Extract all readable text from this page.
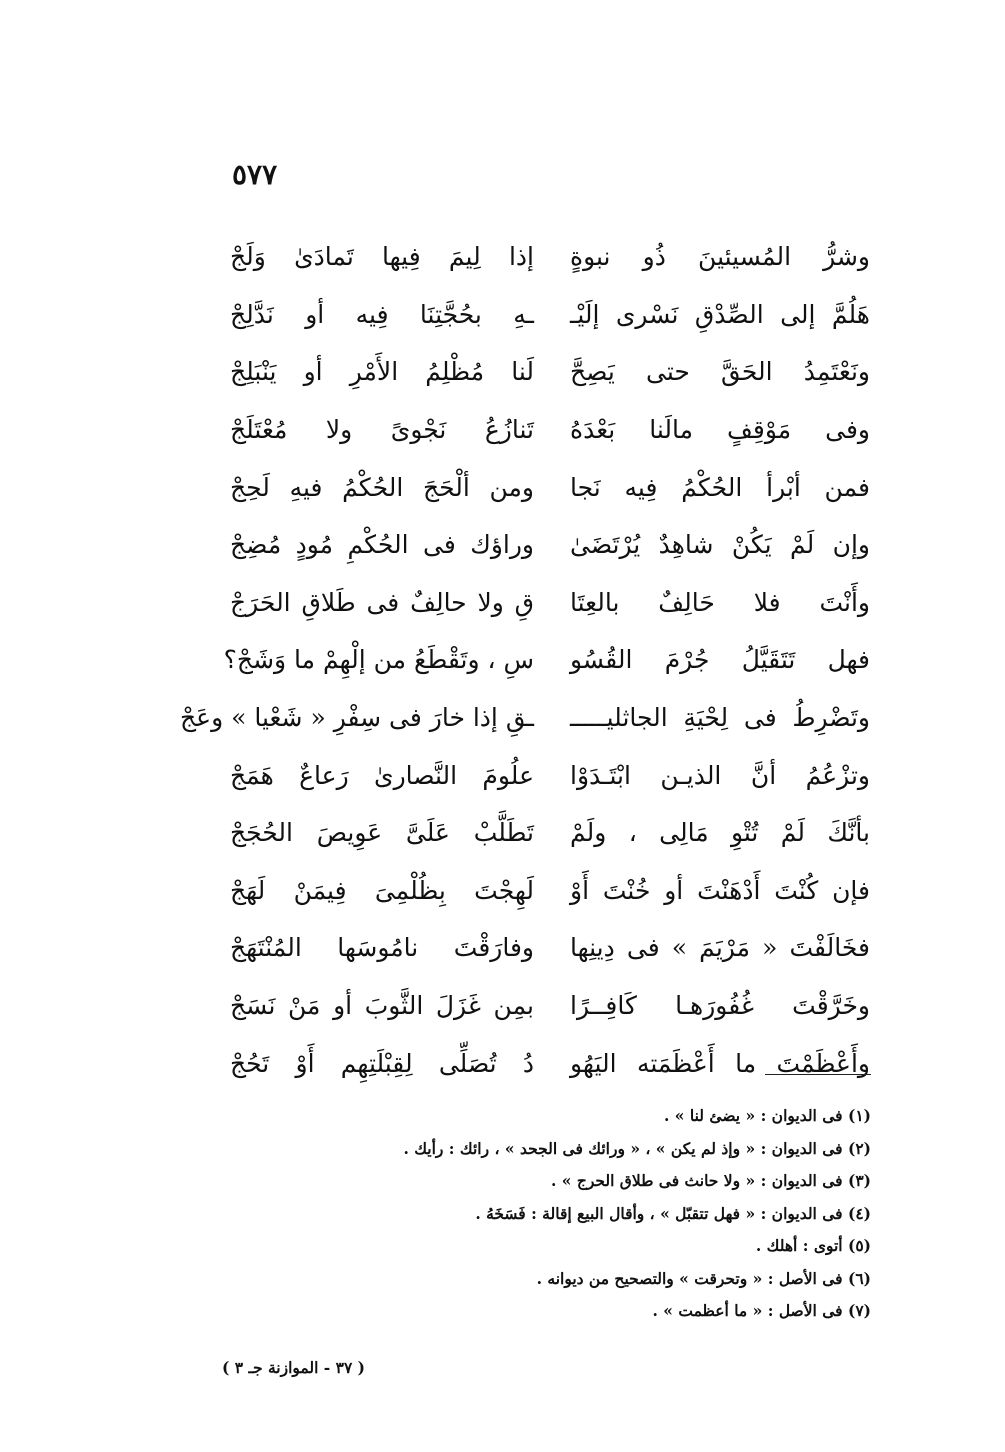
٥٧٧
وشرُّ المُسيئينَ ذُو نبوةٍ
إذا لِيمَ فِيها تَمادَىٰ وَلَجْ
هَلُمَّ إلى الصِّدْقِ نَسْرى إلَيْـ
ـهِ بحُجَّتِنَا فِيه أو نَدَّلِجْ
ونَعْتَمِدُ الحَقَّ حتى يَصِحَّ
لَنا مُظْلِمُ الأَمْرِ أو يَنْبَلِجْ
وفى مَوْقِفٍ مالَنا بَعْدَهُ
تَنازُعُ نَجْوىً ولا مُعْتَلَجْ
فمن أبْرأ الحُكْمُ فِيه نَجا
ومن ألْحَجَ الحُكْمُ فيهِ لَحِجْ
وإن لَمْ يَكُنْ شاهِدٌ يُرْتَضَىٰ
وراؤك فى الحُكْمِ مُودٍ مُضِجْ
وأَنْتَ فلا حَالِفٌ بالعِتَا
قِ ولا حالِفٌ فى طَلاقِ الحَرَجْ
فهل تَتَقَيَّلُ جُرْمَ القُسُو
سِ ، وتَقْطَعُ من إلْهِمْ ما وَشَجْ؟
وتَضْرِطُ فى لِحْيَةِ الجاثليـــــ
ـقِ إذا خارَ فى سِفْرِ « شَعْيا » وعَجْ
وتزْعُمُ أنَّ الذيـن ابْتَـدَوْا
علُومَ النَّصارىٰ رَعاعٌ هَمَجْ
بأنَّكَ لَمْ تُتْوِ مَالِى ، ولَمْ
تَطَلَّبْ عَلَىَّ عَوِيصَ الحُجَجْ
فإن كُنْتَ أَدْهَنْتَ أو خُنْتَ أَوْ
لَهِجْتَ بِظُلْمِىَ فِيمَنْ لَهَجْ
فخَالَفْتَ « مَرْيَمَ » فى دِينِها
وفارَقْتَ نامُوسَها المُنْتَهَجْ
وخَرَّقْتَ غُفُورَهـا كَافِــرًا
بمِن غَزَلَ الثَّوبَ أو مَنْ نَسَجْ
وأَعْظَمْتَ ما أَعْظَمَته اليَهُو
دُ تُصَلِّى لِقِبْلَتِهِم أَوْ تَحُجْ
(١) فى الديوان : « يضئ لنا » .
(٢) فى الديوان : « وإذ لم يكن » ، « ورائك فى الجحد » ، رائك : رأيك .
(٣) فى الديوان : « ولا حانث فى طلاق الحرج » .
(٤) فى الديوان : « فهل تتقبّل » ، وأقال البيع إقالة : فَسَخَهُ .
(٥) أتوى : أهلك .
(٦) فى الأصل : « وتحرقت » والتصحيح من ديوانه .
(٧) فى الأصل : « ما أعظمت » .
( ٣٧ - الموازنة جـ ٣ )
